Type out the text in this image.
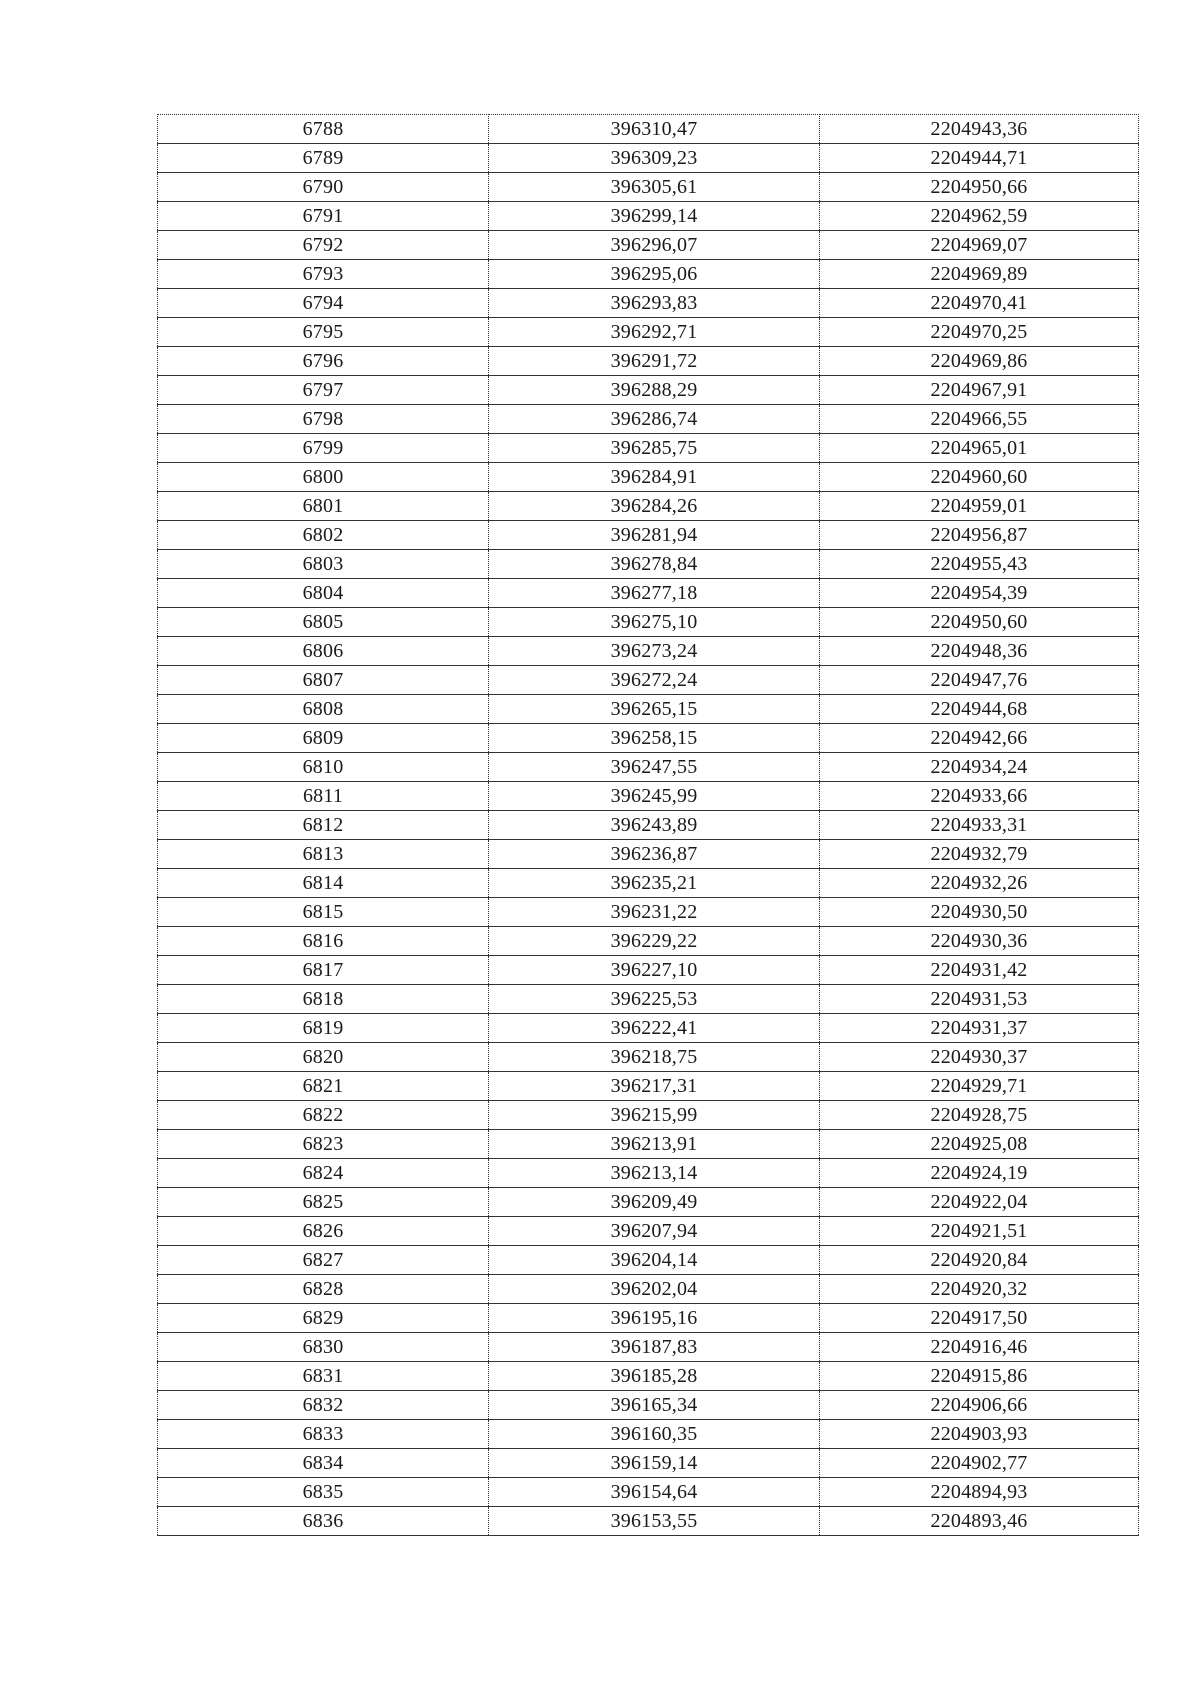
6788	396310,47	2204943,36
6789	396309,23	2204944,71
6790	396305,61	2204950,66
6791	396299,14	2204962,59
6792	396296,07	2204969,07
6793	396295,06	2204969,89
6794	396293,83	2204970,41
6795	396292,71	2204970,25
6796	396291,72	2204969,86
6797	396288,29	2204967,91
6798	396286,74	2204966,55
6799	396285,75	2204965,01
6800	396284,91	2204960,60
6801	396284,26	2204959,01
6802	396281,94	2204956,87
6803	396278,84	2204955,43
6804	396277,18	2204954,39
6805	396275,10	2204950,60
6806	396273,24	2204948,36
6807	396272,24	2204947,76
6808	396265,15	2204944,68
6809	396258,15	2204942,66
6810	396247,55	2204934,24
6811	396245,99	2204933,66
6812	396243,89	2204933,31
6813	396236,87	2204932,79
6814	396235,21	2204932,26
6815	396231,22	2204930,50
6816	396229,22	2204930,36
6817	396227,10	2204931,42
6818	396225,53	2204931,53
6819	396222,41	2204931,37
6820	396218,75	2204930,37
6821	396217,31	2204929,71
6822	396215,99	2204928,75
6823	396213,91	2204925,08
6824	396213,14	2204924,19
6825	396209,49	2204922,04
6826	396207,94	2204921,51
6827	396204,14	2204920,84
6828	396202,04	2204920,32
6829	396195,16	2204917,50
6830	396187,83	2204916,46
6831	396185,28	2204915,86
6832	396165,34	2204906,66
6833	396160,35	2204903,93
6834	396159,14	2204902,77
6835	396154,64	2204894,93
6836	396153,55	2204893,46
